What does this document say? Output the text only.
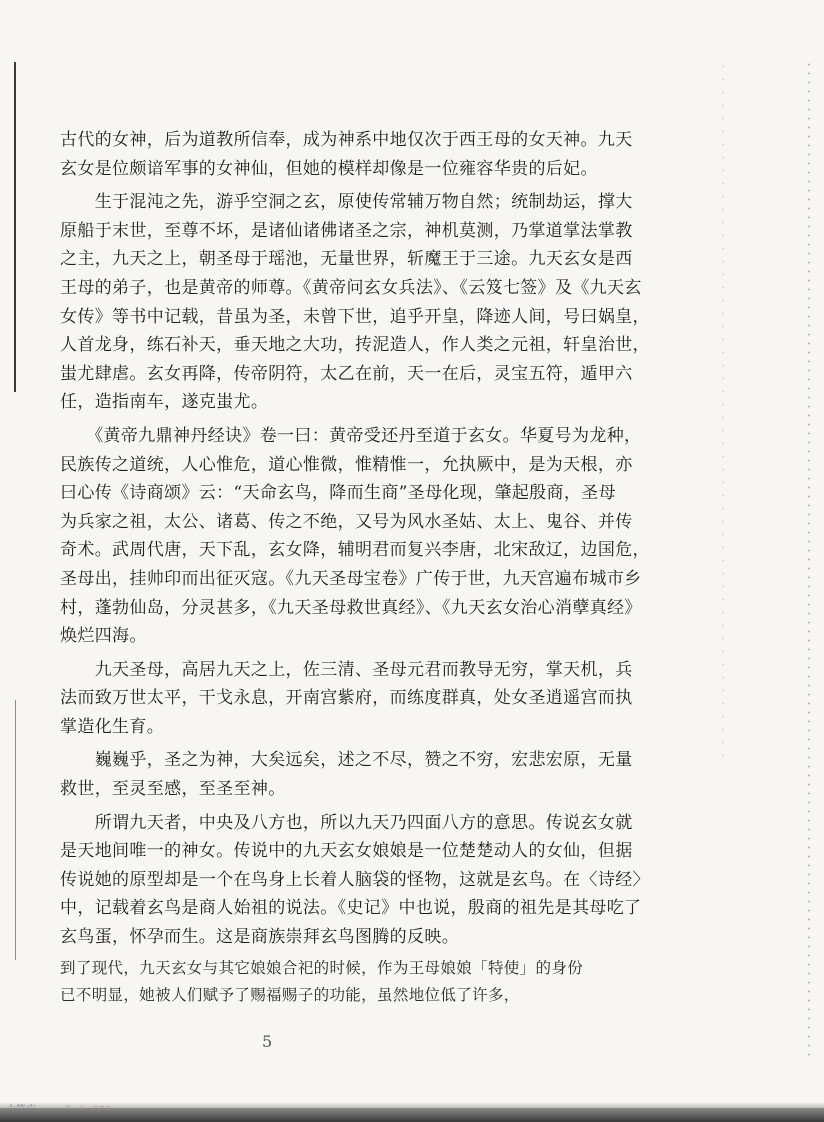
古代的女神，后为道教所信奉，成为神系中地仅次于西王母的女天神。九天
玄女是位颇谙军事的女神仙，但她的模样却像是一位雍容华贵的后妃。
　　生于混沌之先，游乎空洞之玄，原使传常辅万物自然；统制劫运，撑大
原船于末世，至尊不坏，是诸仙诸佛诸圣之宗，神机莫测，乃掌道掌法掌教
之主，九天之上，朝圣母于瑶池，无量世界，斩魔王于三途。九天玄女是西
王母的弟子，也是黄帝的师尊。《黄帝问玄女兵法》、《云笈七签》及《九天玄
女传》等书中记载，昔虽为圣，未曾下世，追乎开皇，降迹人间，号曰娲皇，
人首龙身，练石补天，垂天地之大功，抟泥造人，作人类之元祖，轩皇治世，
蚩尤肆虐。玄女再降，传帝阴符，太乙在前，天一在后，灵宝五符，遁甲六
任，造指南车，遂克蚩尤。
　　《黄帝九鼎神丹经诀》卷一曰：黄帝受还丹至道于玄女。华夏号为龙种，
民族传之道统，人心惟危，道心惟微，惟精惟一，允执厥中，是为天根，亦
曰心传《诗商颂》云：“天命玄鸟，降而生商”圣母化现，肇起殷商，圣母
为兵家之祖，太公、诸葛、传之不绝，又号为风水圣姑、太上、鬼谷、并传
奇术。武周代唐，天下乱，玄女降，辅明君而复兴李唐，北宋敌辽，边国危，
圣母出，挂帅印而出征灭寇。《九天圣母宝卷》广传于世，九天宫遍布城市乡
村，蓬勃仙岛，分灵甚多，《九天圣母救世真经》、《九天玄女治心消孽真经》
焕烂四海。
　　九天圣母，高居九天之上，佐三清、圣母元君而教导无穷，掌天机，兵
法而致万世太平，干戈永息，开南宫紫府，而练度群真，处女圣逍遥宫而执
掌造化生育。
　　巍巍乎，圣之为神，大矣远矣，述之不尽，赞之不穷，宏悲宏原，无量
救世，至灵至感，至圣至神。
　　所谓九天者，中央及八方也，所以九天乃四面八方的意思。传说玄女就
是天地间唯一的神女。传说中的九天玄女娘娘是一位楚楚动人的女仙，但据
传说她的原型却是一个在鸟身上长着人脑袋的怪物，这就是玄鸟。在〈诗经〉
中，记载着玄鸟是商人始祖的说法。《史记》中也说，殷商的祖先是其母吃了
玄鸟蛋，怀孕而生。这是商族崇拜玄鸟图腾的反映。
到了现代，九天玄女与其它娘娘合祀的时候，作为王母娘娘「特使」的身份
已不明显，她被人们赋予了赐福赐子的功能，虽然地位低了许多，
5
